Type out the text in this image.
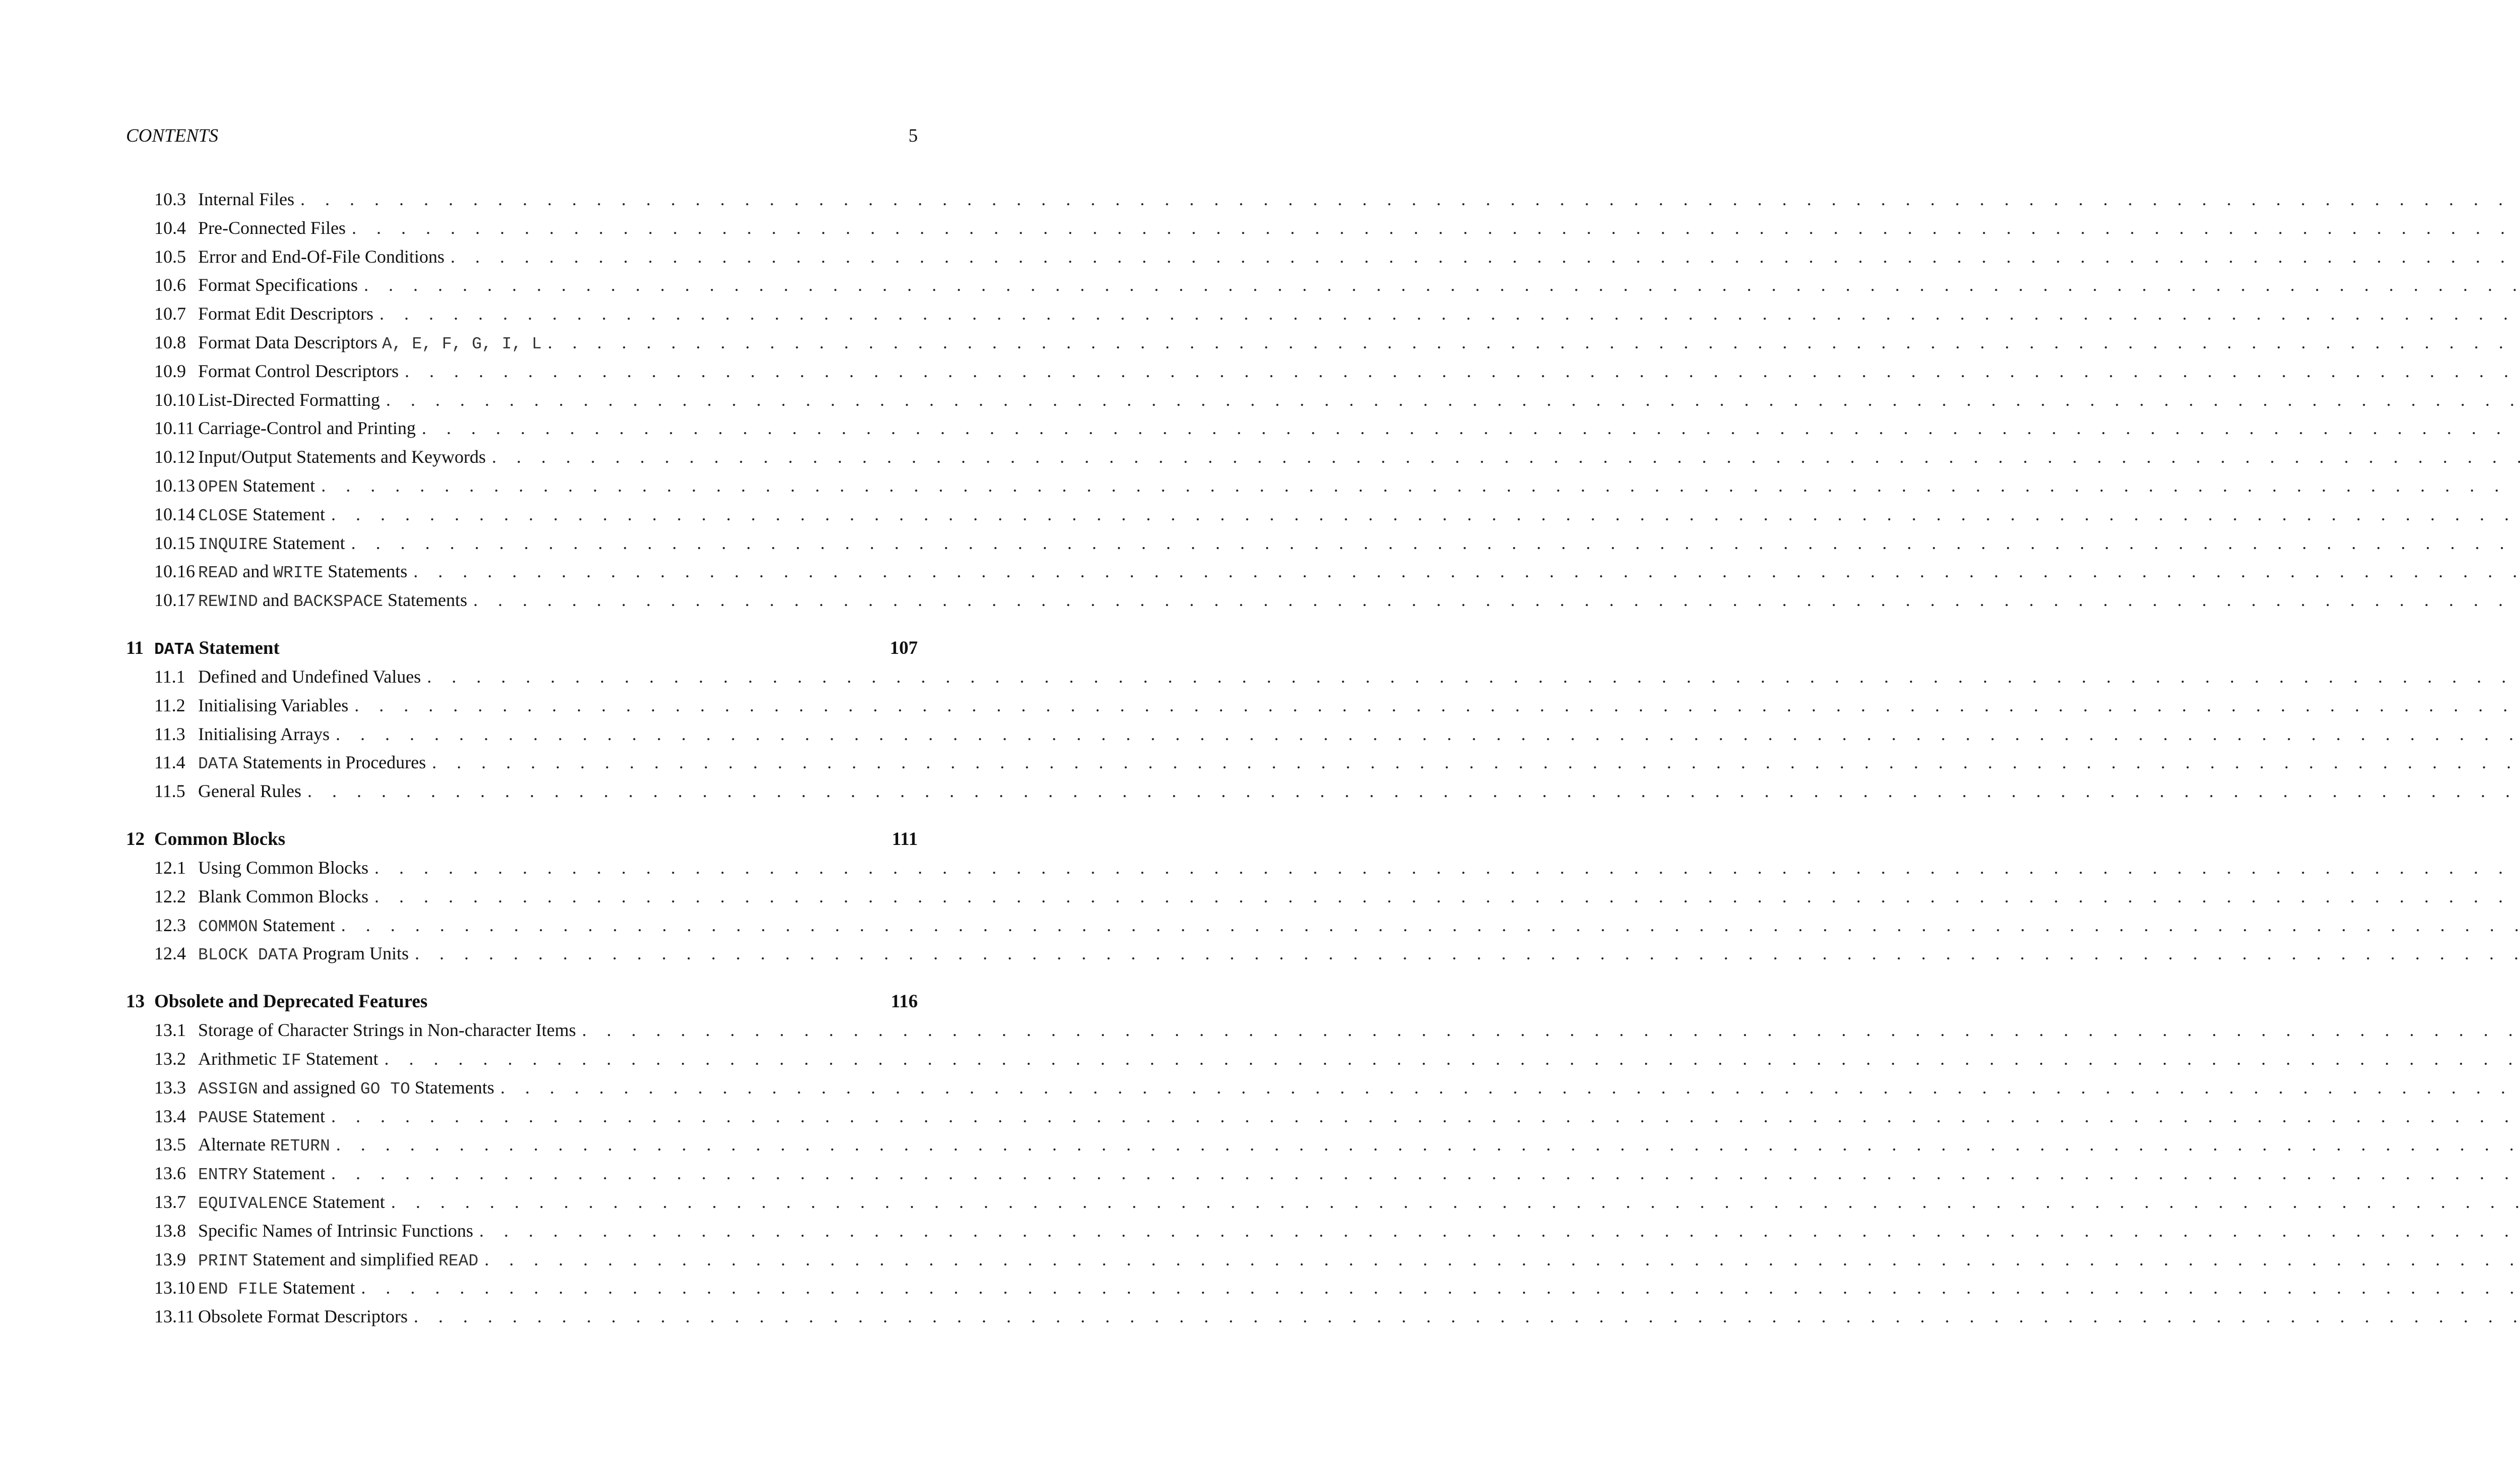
CONTENTS	5
10.3 Internal Files
. . .
10.4 Pre-Connected Files
. . .
10.5 Error and End-Of-File Conditions
. . .
10.6 Format Specifications
. . .
10.7 Format Edit Descriptors
. . .
10.8 Format Data Descriptors A, E, F, G, I, L
. . .
10.9 Format Control Descriptors
. . .
10.10 List-Directed Formatting
. . .
10.11 Carriage-Control and Printing
. . .
10.12 Input/Output Statements and Keywords
. . .
10.13 OPEN Statement
. . .
10.14 CLOSE Statement
. . .
10.15 INQUIRE Statement
. . .
10.16 READ and WRITE Statements
. . .
10.17 REWIND and BACKSPACE Statements
. . .
11 DATA Statement	107
11.1 Defined and Undefined Values
. . .
11.2 Initialising Variables
. . .
11.3 Initialising Arrays
. . .
11.4 DATA Statements in Procedures
. . .
11.5 General Rules
. . .
12 Common Blocks	111
12.1 Using Common Blocks
. . .
12.2 Blank Common Blocks
. . .
12.3 COMMON Statement
. . .
12.4 BLOCK DATA Program Units
. . .
13 Obsolete and Deprecated Features	116
13.1 Storage of Character Strings in Non-character Items
. . .
13.2 Arithmetic IF Statement
. . .
13.3 ASSIGN and assigned GO TO Statements
. . .
13.4 PAUSE Statement
. . .
13.5 Alternate RETURN
. . .
13.6 ENTRY Statement
. . .
13.7 EQUIVALENCE Statement
. . .
13.8 Specific Names of Intrinsic Functions
. . .
13.9 PRINT Statement and simplified READ
. . .
13.10 END FILE Statement
. . .
13.11 Obsolete Format Descriptors
. . .
